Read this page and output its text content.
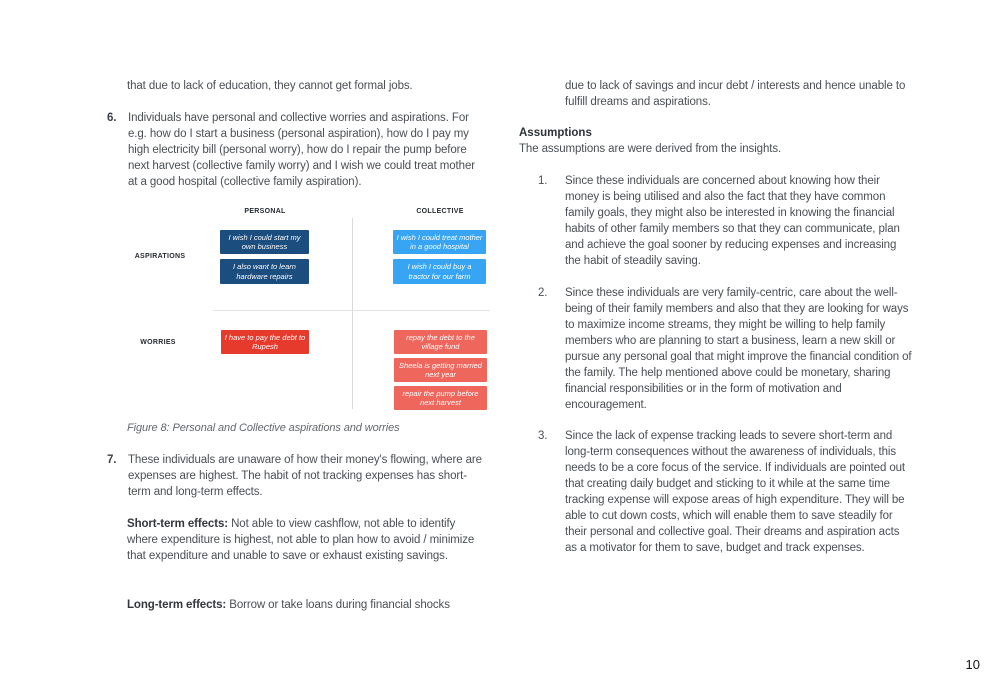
that due to lack of education, they cannot get formal jobs.
6. Individuals have personal and collective worries and aspirations. For e.g. how do I start a business (personal aspiration), how do I pay my high electricity bill (personal worry), how do I repair the pump before next harvest (collective family worry) and I wish we could treat mother at a good hospital (collective family aspiration).
PERSONAL	COLLECTIVE
ASPIRATIONS
WORRIES
I wish I could start my own business
I also want to learn hardware repairs
I wish I could treat mother in a good hospital
I wish I could buy a tractor for our farm
I have to pay the debt to Rupesh
repay the debt to the village fund
Sheela is getting married next year
repair the pump before next harvest
Figure 8: Personal and Collective aspirations and worries
7. These individuals are unaware of how their money's flowing, where are expenses are highest. The habit of not tracking expenses has short-term and long-term effects.
Short-term effects: Not able to view cashflow, not able to identify where expenditure is highest, not able to plan how to avoid / minimize that expenditure and unable to save or exhaust existing savings.
Long-term effects: Borrow or take loans during financial shocks
due to lack of savings and incur debt / interests and hence unable to fulfill dreams and aspirations.
Assumptions
The assumptions are were derived from the insights.
1. Since these individuals are concerned about knowing how their money is being utilised and also the fact that they have common family goals, they might also be interested in knowing the financial habits of other family members so that they can communicate, plan and achieve the goal sooner by reducing expenses and increasing the habit of steadily saving.
2. Since these individuals are very family-centric, care about the well-being of their family members and also that they are looking for ways to maximize income streams, they might be willing to help family members who are planning to start a business, learn a new skill or pursue any personal goal that might improve the financial condition of the family. The help mentioned above could be monetary, sharing financial responsibilities or in the form of motivation and encouragement.
3. Since the lack of expense tracking leads to severe short-term and long-term consequences without the awareness of individuals, this needs to be a core focus of the service. If individuals are pointed out that creating daily budget and sticking to it while at the same time tracking expense will expose areas of high expenditure. They will be able to cut down costs, which will enable them to save steadily for their personal and collective goal. Their dreams and aspiration acts as a motivator for them to save, budget and track expenses.
10
